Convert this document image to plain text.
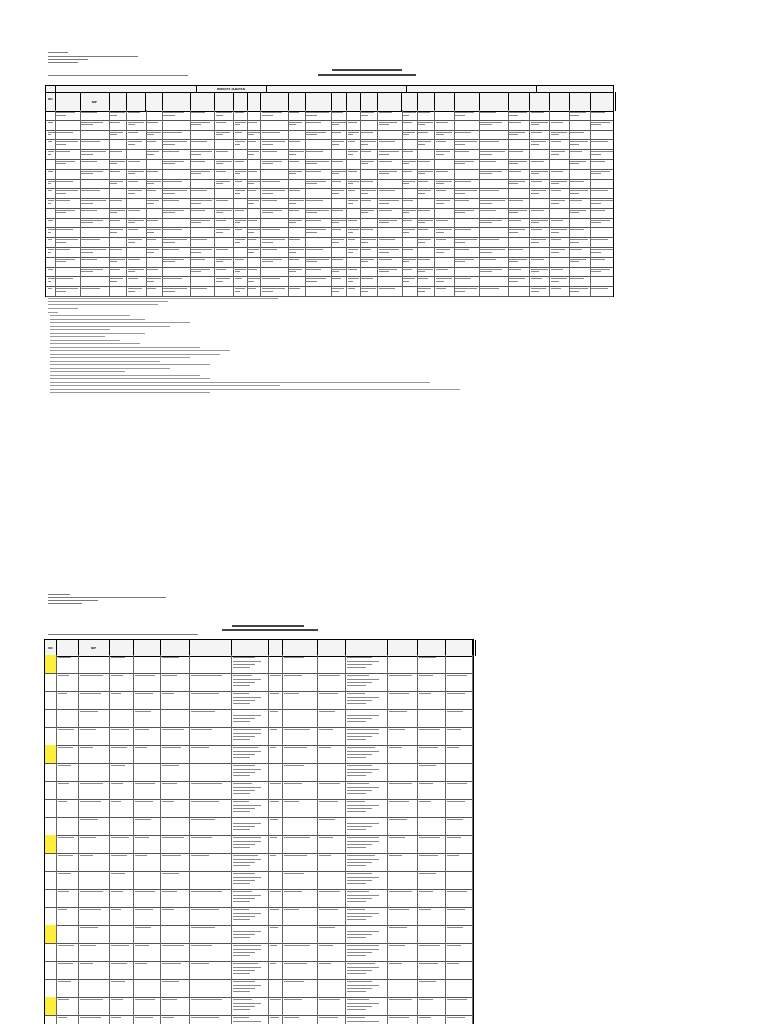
RIWAYAT JABATAN
NO
NIP
NO	NIP
